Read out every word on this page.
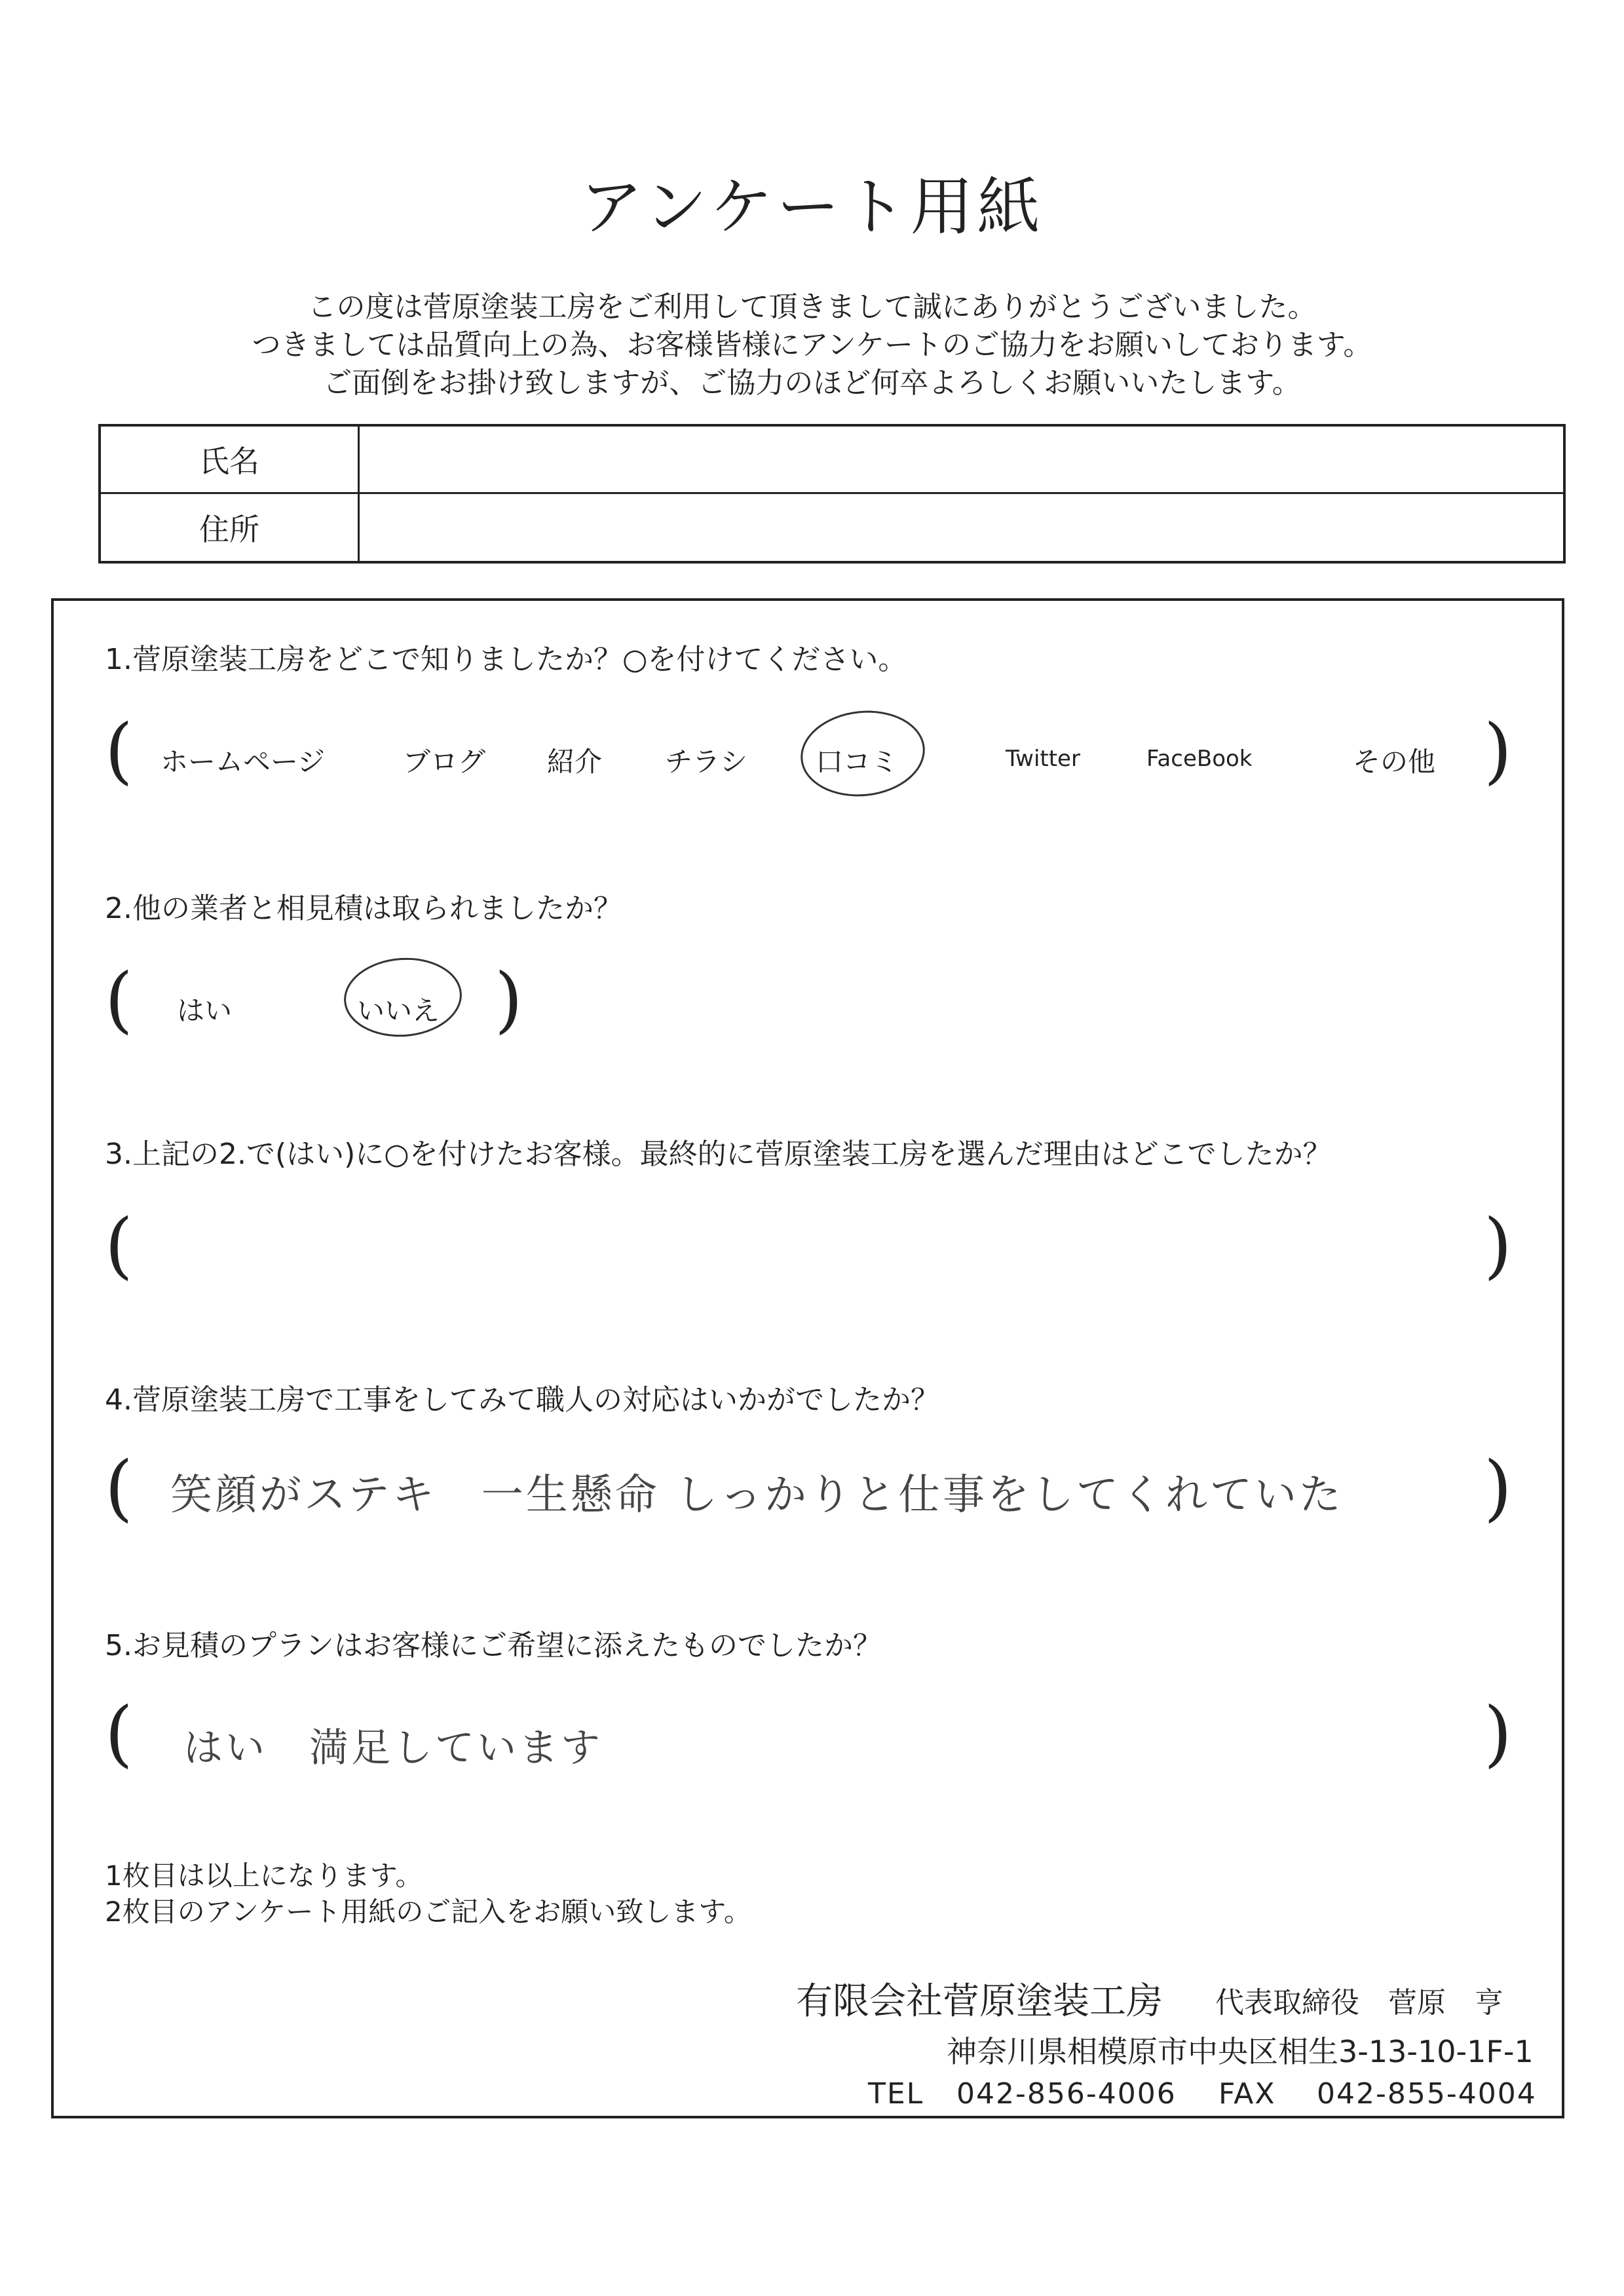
アンケート用紙
この度は菅原塗装工房をご利用して頂きまして誠にありがとうございました。
つきましては品質向上の為、お客様皆様にアンケートのご協力をお願いしております。
ご面倒をお掛け致しますが、ご協力のほど何卒よろしくお願いいたします。
氏名
住所
1.菅原塗装工房をどこで知りましたか？○を付けてください。
( ホームページ	ブログ 紹介 チラシ 口コミ	Twitter	FaceBook	その他 )
2.他の業者と相見積は取られましたか？
( はい	いいえ )
3.上記の2.で(はい)に○を付けたお客様。最終的に菅原塗装工房を選んだ理由はどこでしたか？
(	)
4.菅原塗装工房で工事をしてみて職人の対応はいかがでしたか？
( 笑顔がステキ　一生懸命 しっかりと仕事をしてくれていた )
5.お見積のプランはお客様にご希望に添えたものでしたか？
( はい　満足しています	)
1枚目は以上になります。
2枚目のアンケート用紙のご記入をお願い致します。
有限会社菅原塗装工房 代表取締役　菅原　亨
神奈川県相模原市中央区相生3-13-10-1F-1
TEL 042-856-4006 FAX 042-855-4004
